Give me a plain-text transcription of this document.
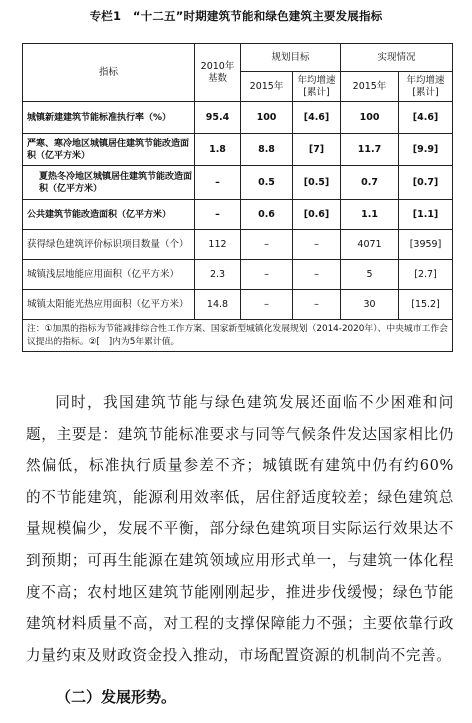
专栏1　“十二五”时期建筑节能和绿色建筑主要发展指标
指标	2010年基数	规划目标		实现情况	
		2015年	年均增速[累计]	2015年	年均增速[累计]
城镇新建建筑节能标准执行率（%）	95.4	100	[4.6]	100	[4.6]
严寒、寒冷地区城镇居住建筑节能改造面积（亿平方米）	1.8	8.8	[7]	11.7	[9.9]
夏热冬冷地区城镇居住建筑节能改造面积（亿平方米）	–	0.5	[0.5]	0.7	[0.7]
公共建筑节能改造面积（亿平方米）	–	0.6	[0.6]	1.1	[1.1]
获得绿色建筑评价标识项目数量（个）	112	–	–	4071	[3959]
城镇浅层地能应用面积（亿平方米）	2.3	–	–	5	[2.7]
城镇太阳能光热应用面积（亿平方米）	14.8	–	–	30	[15.2]
注：①加黑的指标为节能减排综合性工作方案、国家新型城镇化发展规划（2014-2020年）、中央城市工作会议提出的指标。②[　]内为5年累计值。					
同时，我国建筑节能与绿色建筑发展还面临不少困难和问题，主要是：建筑节能标准要求与同等气候条件发达国家相比仍然偏低，标准执行质量参差不齐；城镇既有建筑中仍有约60%的不节能建筑，能源利用效率低，居住舒适度较差；绿色建筑总量规模偏少，发展不平衡，部分绿色建筑项目实际运行效果达不到预期；可再生能源在建筑领域应用形式单一，与建筑一体化程度不高；农村地区建筑节能刚刚起步，推进步伐缓慢；绿色节能建筑材料质量不高，对工程的支撑保障能力不强；主要依靠行政力量约束及财政资金投入推动，市场配置资源的机制尚不完善。
（二）发展形势。
